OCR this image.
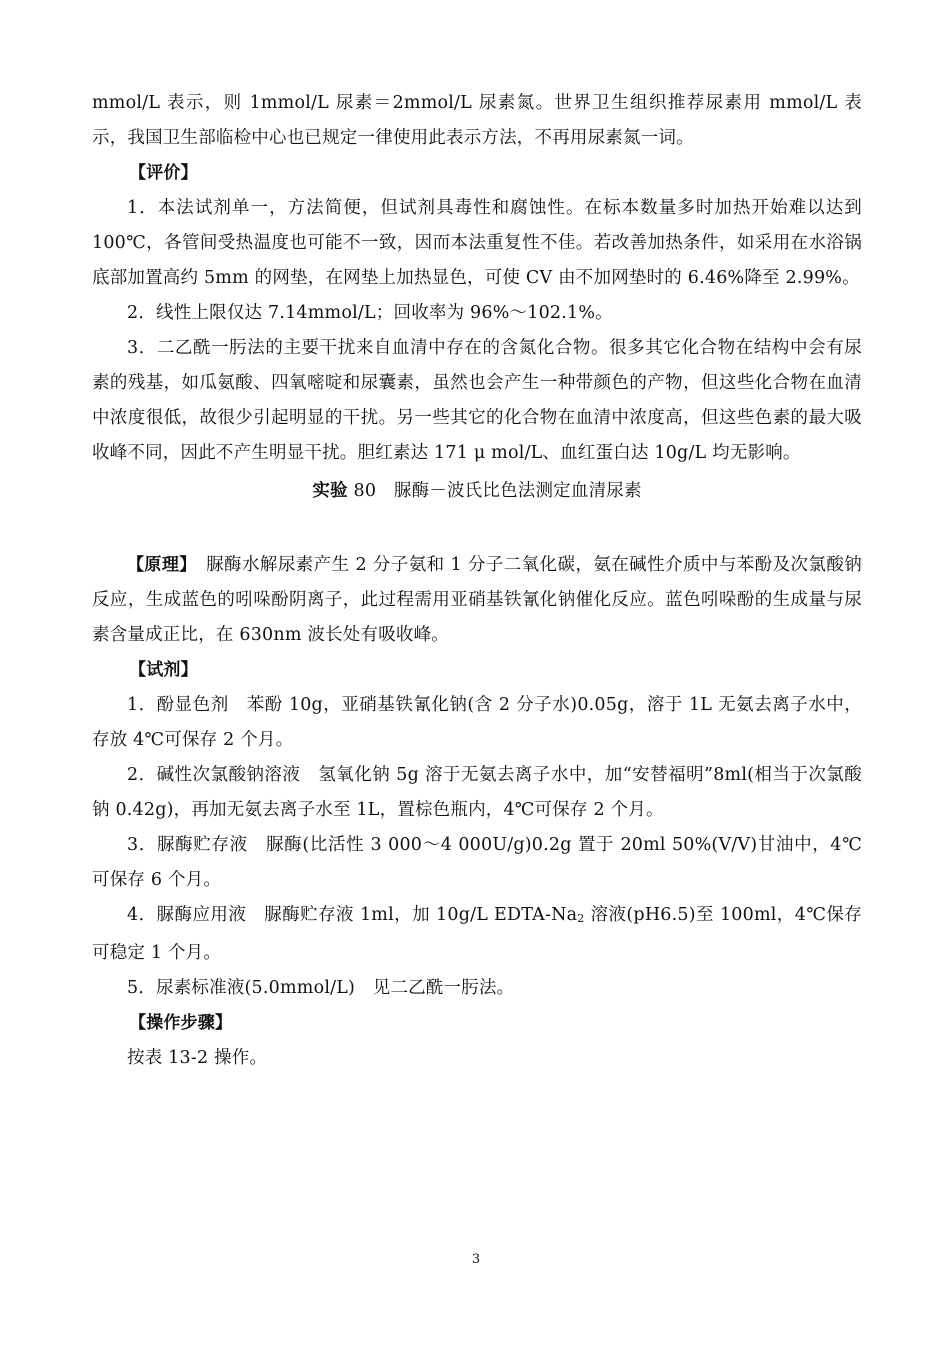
mmol/L 表示，则 1mmol/L 尿素＝2mmol/L 尿素氮。世界卫生组织推荐尿素用 mmol/L 表示，我国卫生部临检中心也已规定一律使用此表示方法，不再用尿素氮一词。

【评价】

1．本法试剂单一，方法简便，但试剂具毒性和腐蚀性。在标本数量多时加热开始难以达到 100℃，各管间受热温度也可能不一致，因而本法重复性不佳。若改善加热条件，如采用在水浴锅底部加置高约 5mm 的网垫，在网垫上加热显色，可使 CV 由不加网垫时的 6.46%降至 2.99%。

2．线性上限仅达 7.14mmol/L；回收率为 96%～102.1%。

3．二乙酰一肟法的主要干扰来自血清中存在的含氮化合物。很多其它化合物在结构中会有尿素的残基，如瓜氨酸、四氧嘧啶和尿囊素，虽然也会产生一种带颜色的产物，但这些化合物在血清中浓度很低，故很少引起明显的干扰。另一些其它的化合物在血清中浓度高，但这些色素的最大吸收峰不同，因此不产生明显干扰。胆红素达 171 μ mol/L、血红蛋白达 10g/L 均无影响。

实验 80　脲酶－波氏比色法测定血清尿素

【原理】　脲酶水解尿素产生 2 分子氨和 1 分子二氧化碳，氨在碱性介质中与苯酚及次氯酸钠反应，生成蓝色的吲哚酚阴离子，此过程需用亚硝基铁氰化钠催化反应。蓝色吲哚酚的生成量与尿素含量成正比，在 630nm 波长处有吸收峰。

【试剂】

1．酚显色剂　苯酚 10g，亚硝基铁氰化钠(含 2 分子水)0.05g，溶于 1L 无氨去离子水中，存放 4℃可保存 2 个月。

2．碱性次氯酸钠溶液　氢氧化钠 5g 溶于无氨去离子水中，加“安替福明”8ml(相当于次氯酸钠 0.42g)，再加无氨去离子水至 1L，置棕色瓶内，4℃可保存 2 个月。

3．脲酶贮存液　脲酶(比活性 3 000～4 000U/g)0.2g 置于 20ml 50%(V/V)甘油中，4℃可保存 6 个月。

4．脲酶应用液　脲酶贮存液 1ml，加 10g/L EDTA-Na2 溶液(pH6.5)至 100ml，4℃保存可稳定 1 个月。

5．尿素标准液(5.0mmol/L)　见二乙酰一肟法。

【操作步骤】

按表 13-2 操作。

3
